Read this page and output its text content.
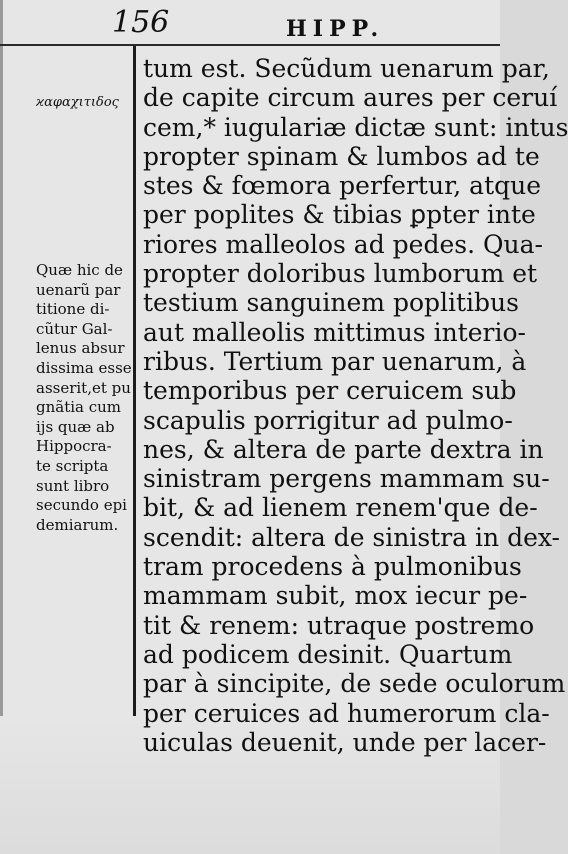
156	HIPP.
ϰαφαχιτιδος
Quæ hic de
uenarũ par
titione di-
cũtur Gal-
lenus absur
dissima esse
asserit,et pu
gnãtia cum
ijs quæ ab
Hippocra-
te scripta
sunt libro
secundo epi
demiarum.
tum est. Secũdum uenarum par,
de capite circum aures per ceruí
cem,* iugulariæ dictæ sunt: intus
propter spinam & lumbos ad te
stes & fœmora perfertur, atque
per poplites & tibias ꝑpter inte
riores malleolos ad pedes. Qua-
propter doloribus lumborum et
testium sanguinem poplitibus
aut malleolis mittimus interio-
ribus. Tertium par uenarum, à
temporibus per ceruicem sub
scapulis porrigitur ad pulmo-
nes, & altera de parte dextra in
sinistram pergens mammam su-
bit, & ad lienem renem'que de-
scendit: altera de sinistra in dex-
tram procedens à pulmonibus
mammam subit, mox iecur pe-
tit & renem: utraque postremo
ad podicem desinit. Quartum
par à sincipite, de sede oculorum
per ceruices ad humerorum cla-
uiculas deuenit, unde per lacer-
